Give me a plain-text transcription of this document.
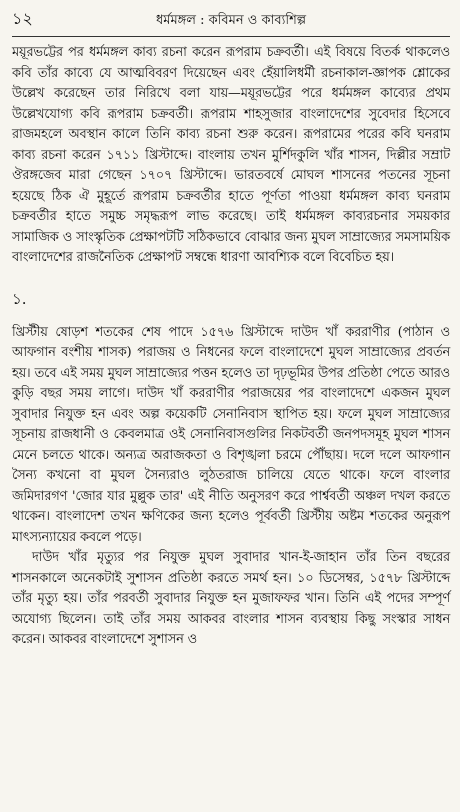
১২	ধর্মমঙ্গল : কবিমন ও কাব্যশিল্প

ময়ূরভট্টের পর ধর্মমঙ্গল কাব্য রচনা করেন রূপরাম চক্রবর্তী। এই বিষয়ে বিতর্ক থাকলেও কবি তাঁর কাব্যে যে আত্মবিবরণ দিয়েছেন এবং হেঁয়ালিধর্মী রচনাকাল-জ্ঞাপক শ্লোকের উল্লেখ করেছেন তার নিরিখে বলা যায়—ময়ূরভট্টের পরে ধর্মমঙ্গল কাব্যের প্রথম উল্লেখযোগ্য কবি রূপরাম চক্রবর্তী। রূপরাম শাহসুজার বাংলাদেশের সুবেদার হিসেবে রাজমহলে অবস্থান কালে তিনি কাব্য রচনা শুরু করেন। রূপরামের পরের কবি ঘনরাম কাব্য রচনা করেন ১৭১১ খ্রিস্টাব্দে। বাংলায় তখন মুর্শিদকুলি খাঁর শাসন, দিল্লীর সম্রাট ঔরঙ্গজেব মারা গেছেন ১৭০৭ খ্রিস্টাব্দে। ভারতবর্ষে মোঘল শাসনের পতনের সূচনা হয়েছে ঠিক ঐ মুহূর্তে রূপরাম চক্রবর্তীর হাতে পূর্ণতা পাওয়া ধর্মমঙ্গল কাব্য ঘনরাম চক্রবর্তীর হাতে সমুচ্চ সমৃদ্ধরূপ লাভ করেছে। তাই ধর্মমঙ্গল কাব্যরচনার সময়কার সামাজিক ও সাংস্কৃতিক প্রেক্ষাপটটি সঠিকভাবে বোঝার জন্য মুঘল সাম্রাজ্যের সমসাময়িক বাংলাদেশের রাজনৈতিক প্রেক্ষাপট সম্বন্ধে ধারণা আবশ্যিক বলে বিবেচিত হয়।

১.

খ্রিস্টীয় ষোড়শ শতকের শেষ পাদে ১৫৭৬ খ্রিস্টাব্দে দাউদ খাঁ কররাণীর (পাঠান ও আফগান বংশীয় শাসক) পরাজয় ও নিধনের ফলে বাংলাদেশে মুঘল সাম্রাজ্যের প্রবর্তন হয়। তবে এই সময় মুঘল সাম্রাজ্যের পত্তন হলেও তা দৃঢ়ভূমির উপর প্রতিষ্ঠা পেতে আরও কুড়ি বছর সময় লাগে। দাউদ খাঁ কররাণীর পরাজয়ের পর বাংলাদেশে একজন মুঘল সুবাদার নিযুক্ত হন এবং অল্প কয়েকটি সেনানিবাস স্থাপিত হয়। ফলে মুঘল সাম্রাজ্যের সূচনায় রাজধানী ও কেবলমাত্র ওই সেনানিবাসগুলির নিকটবর্তী জনপদসমূহ মুঘল শাসন মেনে চলতে থাকে। অন্যত্র অরাজকতা ও বিশৃঙ্খলা চরমে পৌঁছায়। দলে দলে আফগান সৈন্য কখনো বা মুঘল সৈন্যরাও লুঠতরাজ চালিয়ে যেতে থাকে। ফলে বাংলার জমিদারগণ 'জোর যার মুল্লুক তার' এই নীতি অনুসরণ করে পার্শ্ববর্তী অঞ্চল দখল করতে থাকেন। বাংলাদেশ তখন ক্ষণিকের জন্য হলেও পূর্ববর্তী খ্রিস্টীয় অষ্টম শতকের অনুরূপ মাৎস্যন্যায়ের কবলে পড়ে।

দাউদ খাঁর মৃত্যুর পর নিযুক্ত মুঘল সুবাদার খান-ই-জাহান তাঁর তিন বছরের শাসনকালে অনেকটাই সুশাসন প্রতিষ্ঠা করতে সমর্থ হন। ১০ ডিসেম্বর, ১৫৭৮ খ্রিস্টাব্দে তাঁর মৃত্যু হয়। তাঁর পরবর্তী সুবাদার নিযুক্ত হন মুজাফফর খান। তিনি এই পদের সম্পূর্ণ অযোগ্য ছিলেন। তাই তাঁর সময় আকবর বাংলার শাসন ব্যবস্থায় কিছু সংস্কার সাধন করেন। আকবর বাংলাদেশে সুশাসন ও
